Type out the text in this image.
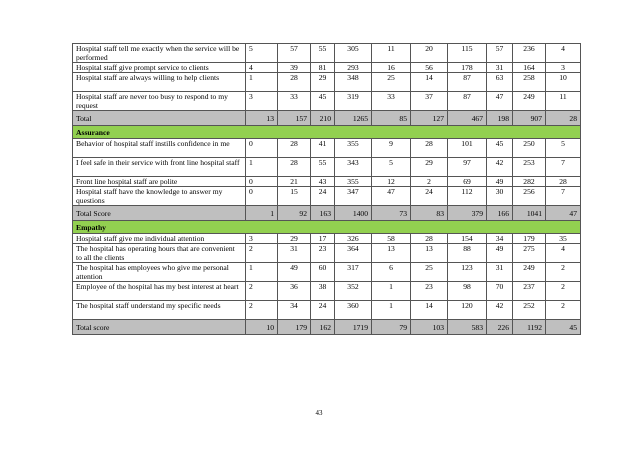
Hospital staff tell me exactly when the service will be performed	5	57	55	305	11	20	115	57	236	4
Hospital staff give prompt service to clients	4	39	81	293	16	56	178	31	164	3
Hospital staff are always willing to help clients	1	28	29	348	25	14	87	63	258	10
Hospital staff are never too busy to respond to my request	3	33	45	319	33	37	87	47	249	11
Total	13	157	210	1265	85	127	467	198	907	28
Assurance										
Behavior of hospital staff instills confidence in me	0	28	41	355	9	28	101	45	250	5
I feel safe in their service with front line hospital staff	1	28	55	343	5	29	97	42	253	7
Front line hospital staff are polite	0	21	43	355	12	2	69	49	282	28
Hospital staff have the knowledge to answer my questions	0	15	24	347	47	24	112	30	256	7
Total Score	1	92	163	1400	73	83	379	166	1041	47
Empathy										
Hospital staff give me individual attention	3	29	17	326	58	28	154	34	179	35
The hospital has operating hours that are convenient to all the clients	2	31	23	364	13	13	88	49	275	4
The hospital has employees who give me personal attention	1	49	60	317	6	25	123	31	249	2
Employee of the hospital has my best interest at heart	2	36	38	352	1	23	98	70	237	2
The hospital staff understand my specific needs	2	34	24	360	1	14	120	42	252	2
Total score	10	179	162	1719	79	103	583	226	1192	45
43
